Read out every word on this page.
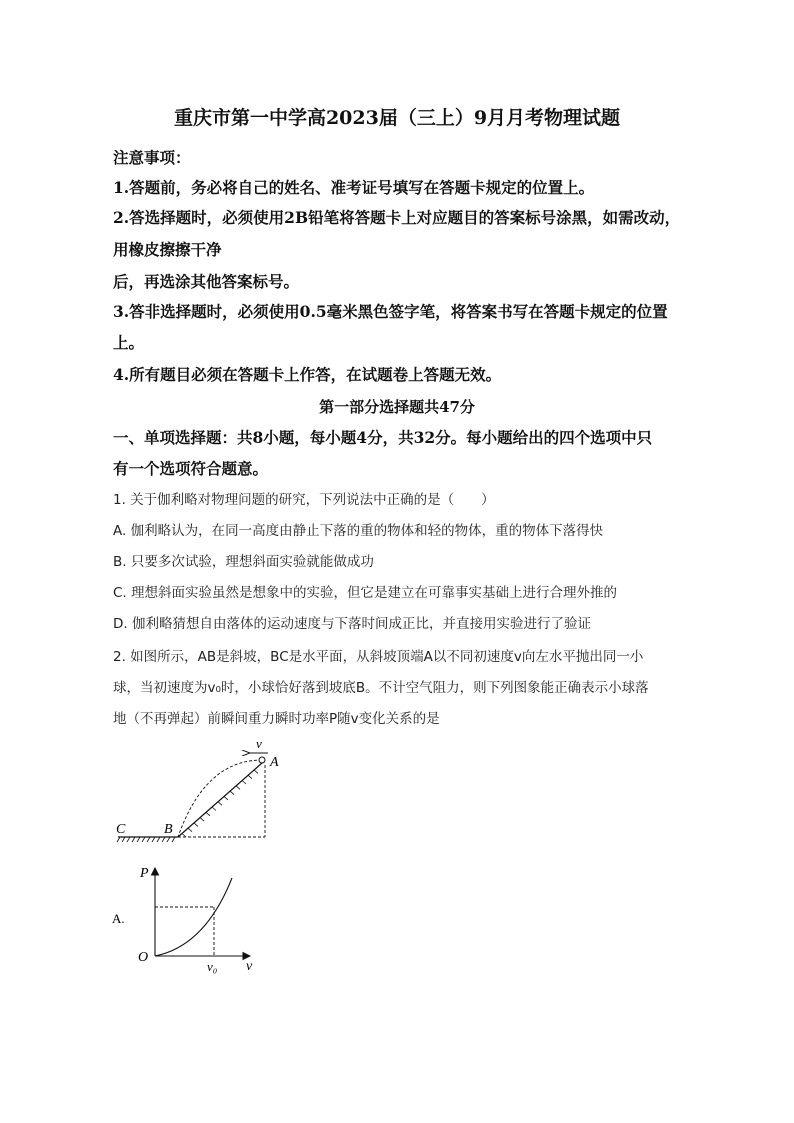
重庆市第一中学高2023届（三上）9月月考物理试题
注意事项：
1.答题前，务必将自己的姓名、准考证号填写在答题卡规定的位置上。
2.答选择题时，必须使用2B铅笔将答题卡上对应题目的答案标号涂黑，如需改动，
用橡皮擦擦干净
后，再选涂其他答案标号。
3.答非选择题时，必须使用0.5毫米黑色签字笔，将答案书写在答题卡规定的位置
上。
4.所有题目必须在答题卡上作答，在试题卷上答题无效。
第一部分选择题共47分
一、单项选择题：共8小题，每小题4分，共32分。每小题给出的四个选项中只
有一个选项符合题意。
1. 关于伽利略对物理问题的研究，下列说法中正确的是（　　）
A. 伽利略认为，在同一高度由静止下落的重的物体和轻的物体，重的物体下落得快
B. 只要多次试验，理想斜面实验就能做成功
C. 理想斜面实验虽然是想象中的实验，但它是建立在可靠事实基础上进行合理外推的
D. 伽利略猜想自由落体的运动速度与下落时间成正比，并直接用实验进行了验证
2. 如图所示，AB是斜坡，BC是水平面，从斜坡顶端A以不同初速度v向左水平抛出同一小
球，当初速度为v₀时，小球恰好落到坡底B。不计空气阻力，则下列图象能正确表示小球落
地（不再弹起）前瞬间重力瞬时功率P随v变化关系的是
v
A
B
C
A.
P
v
O
v₀
